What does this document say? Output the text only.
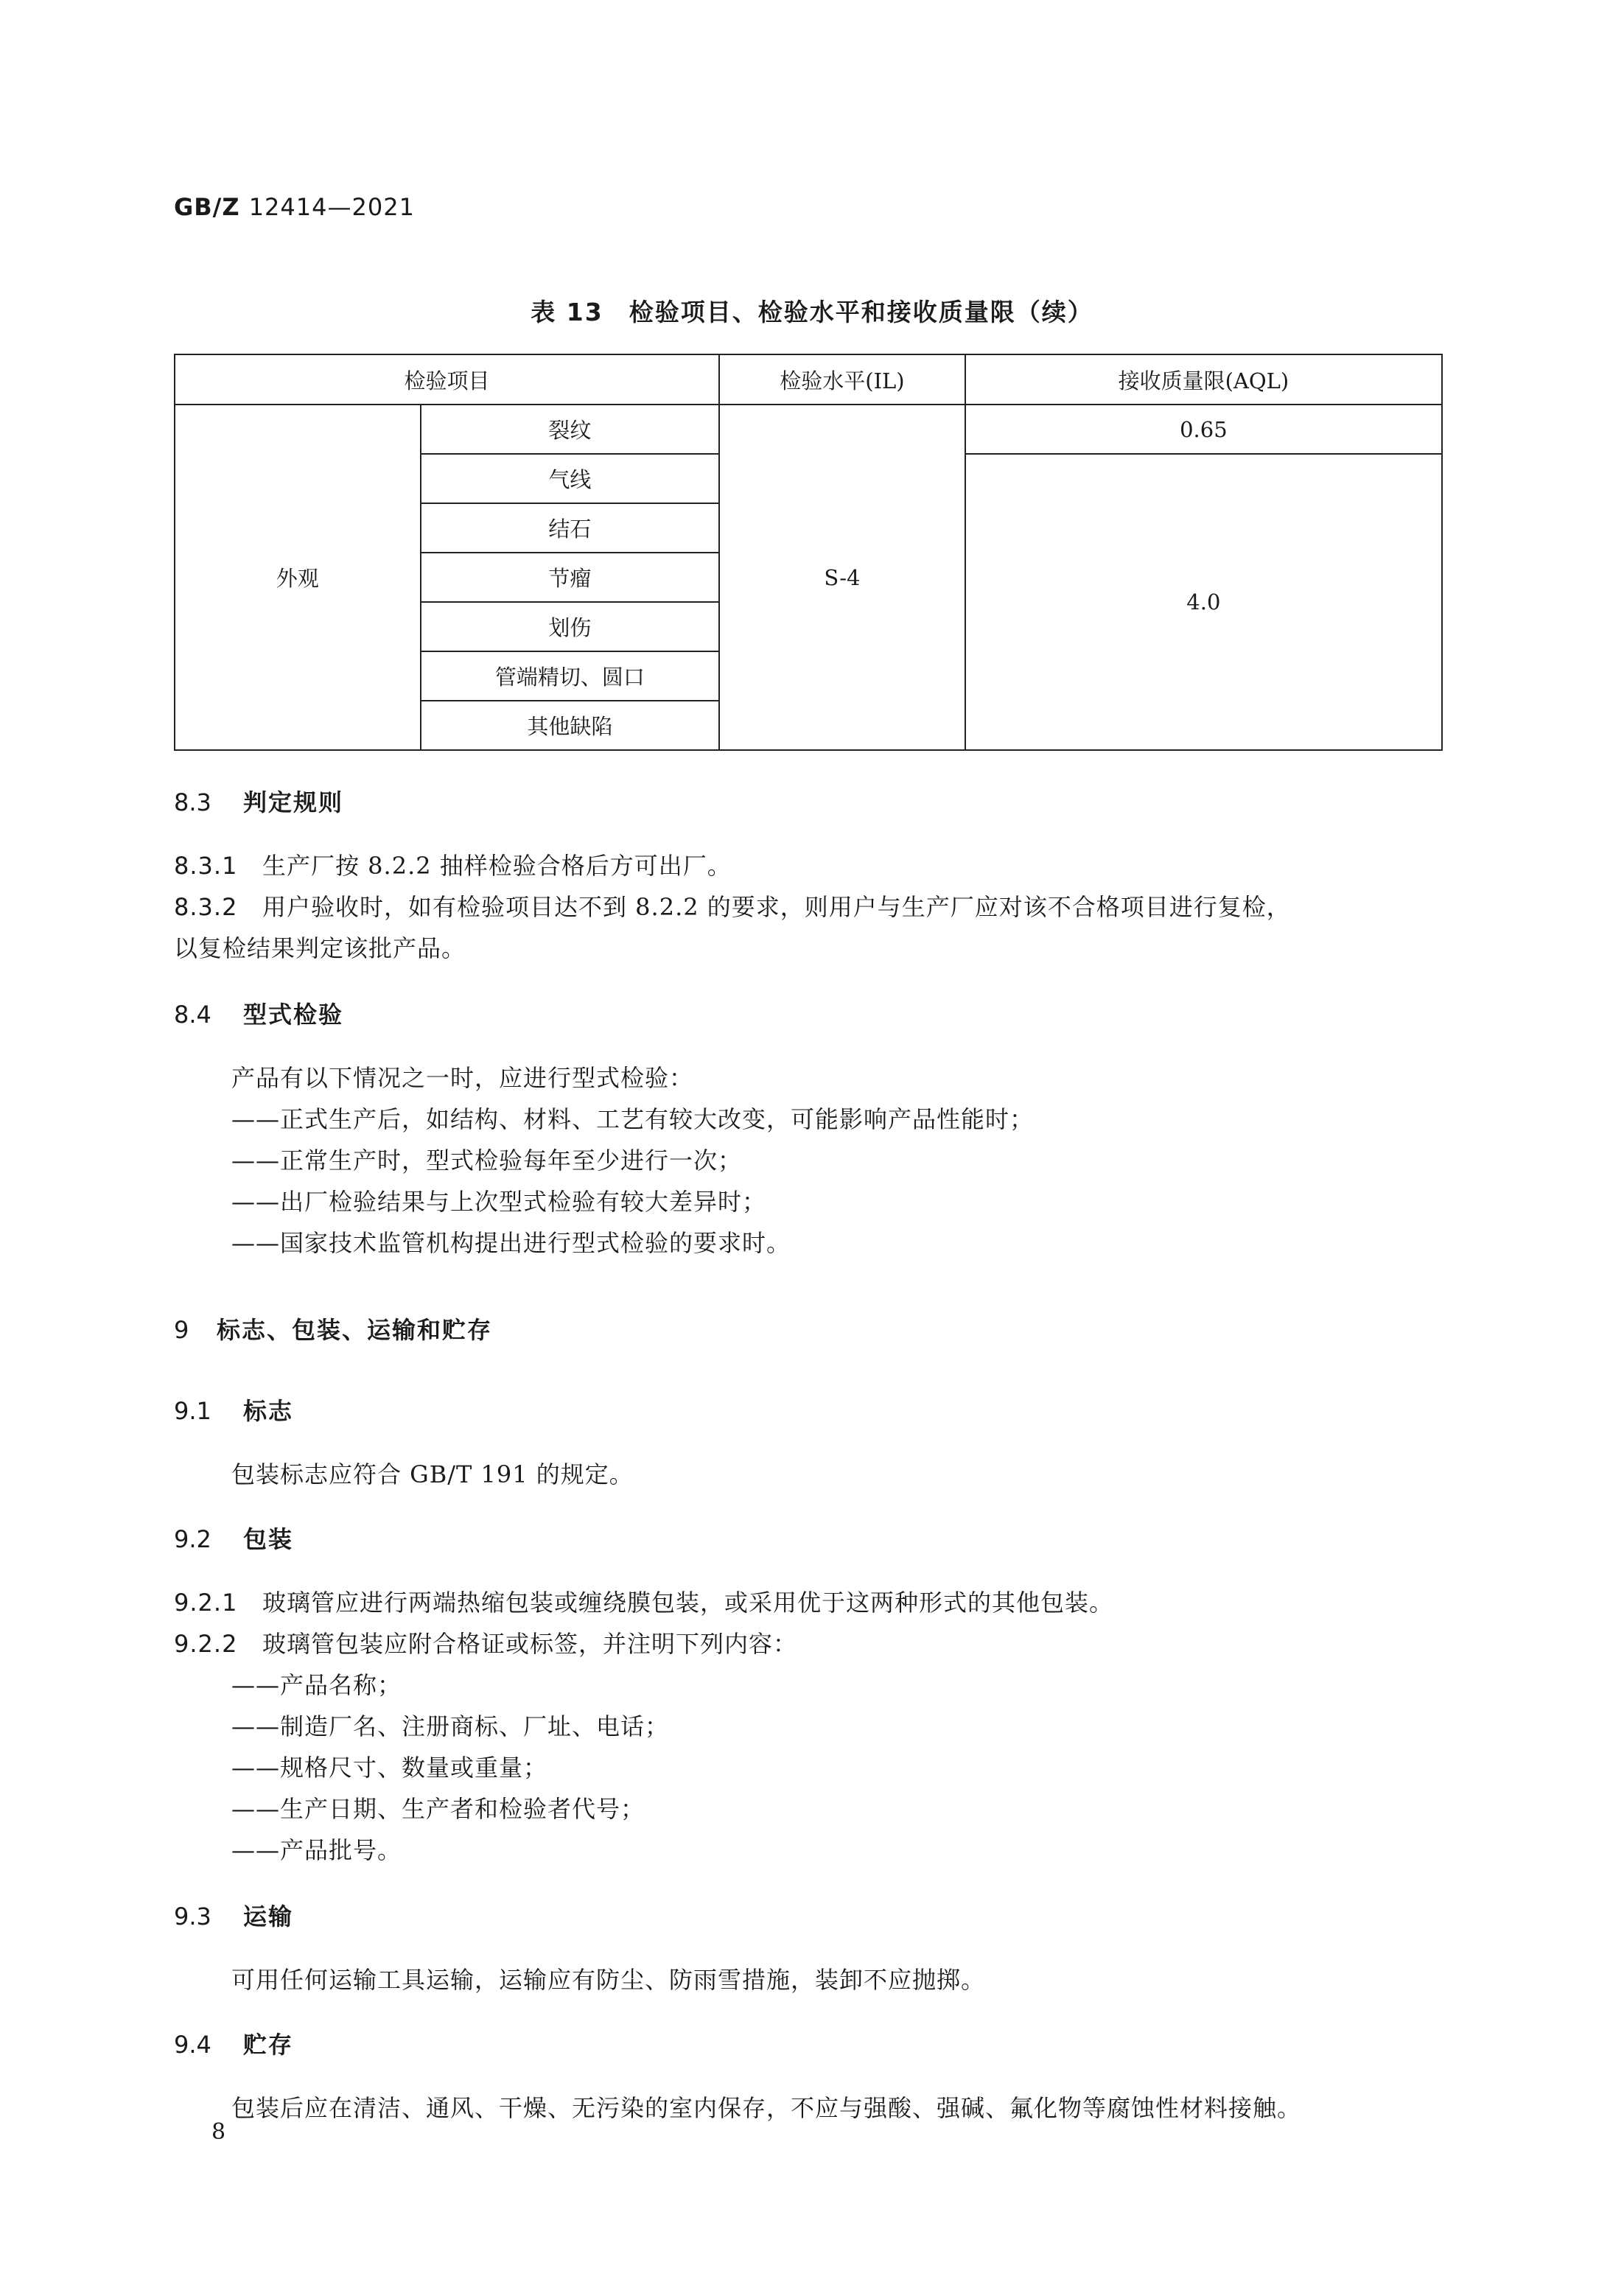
GB/Z 12414—2021
表 13　检验项目、检验水平和接收质量限（续）
检验项目		检验水平(IL)	接收质量限(AQL)
外观	裂纹	S-4	0.65
	气线		4.0
	结石		
	节瘤		
	划伤		
	管端精切、圆口		
	其他缺陷		
8.3 判定规则
8.3.1 生产厂按 8.2.2 抽样检验合格后方可出厂。
8.3.2 用户验收时，如有检验项目达不到 8.2.2 的要求，则用户与生产厂应对该不合格项目进行复检，
以复检结果判定该批产品。
8.4 型式检验
产品有以下情况之一时，应进行型式检验：
——正式生产后，如结构、材料、工艺有较大改变，可能影响产品性能时；
——正常生产时，型式检验每年至少进行一次；
——出厂检验结果与上次型式检验有较大差异时；
——国家技术监管机构提出进行型式检验的要求时。
9 标志、包装、运输和贮存
9.1 标志
包装标志应符合 GB/T 191 的规定。
9.2 包装
9.2.1 玻璃管应进行两端热缩包装或缠绕膜包装，或采用优于这两种形式的其他包装。
9.2.2 玻璃管包装应附合格证或标签，并注明下列内容：
——产品名称；
——制造厂名、注册商标、厂址、电话；
——规格尺寸、数量或重量；
——生产日期、生产者和检验者代号；
——产品批号。
9.3 运输
可用任何运输工具运输，运输应有防尘、防雨雪措施，装卸不应抛掷。
9.4 贮存
包装后应在清洁、通风、干燥、无污染的室内保存，不应与强酸、强碱、氟化物等腐蚀性材料接触。
8
